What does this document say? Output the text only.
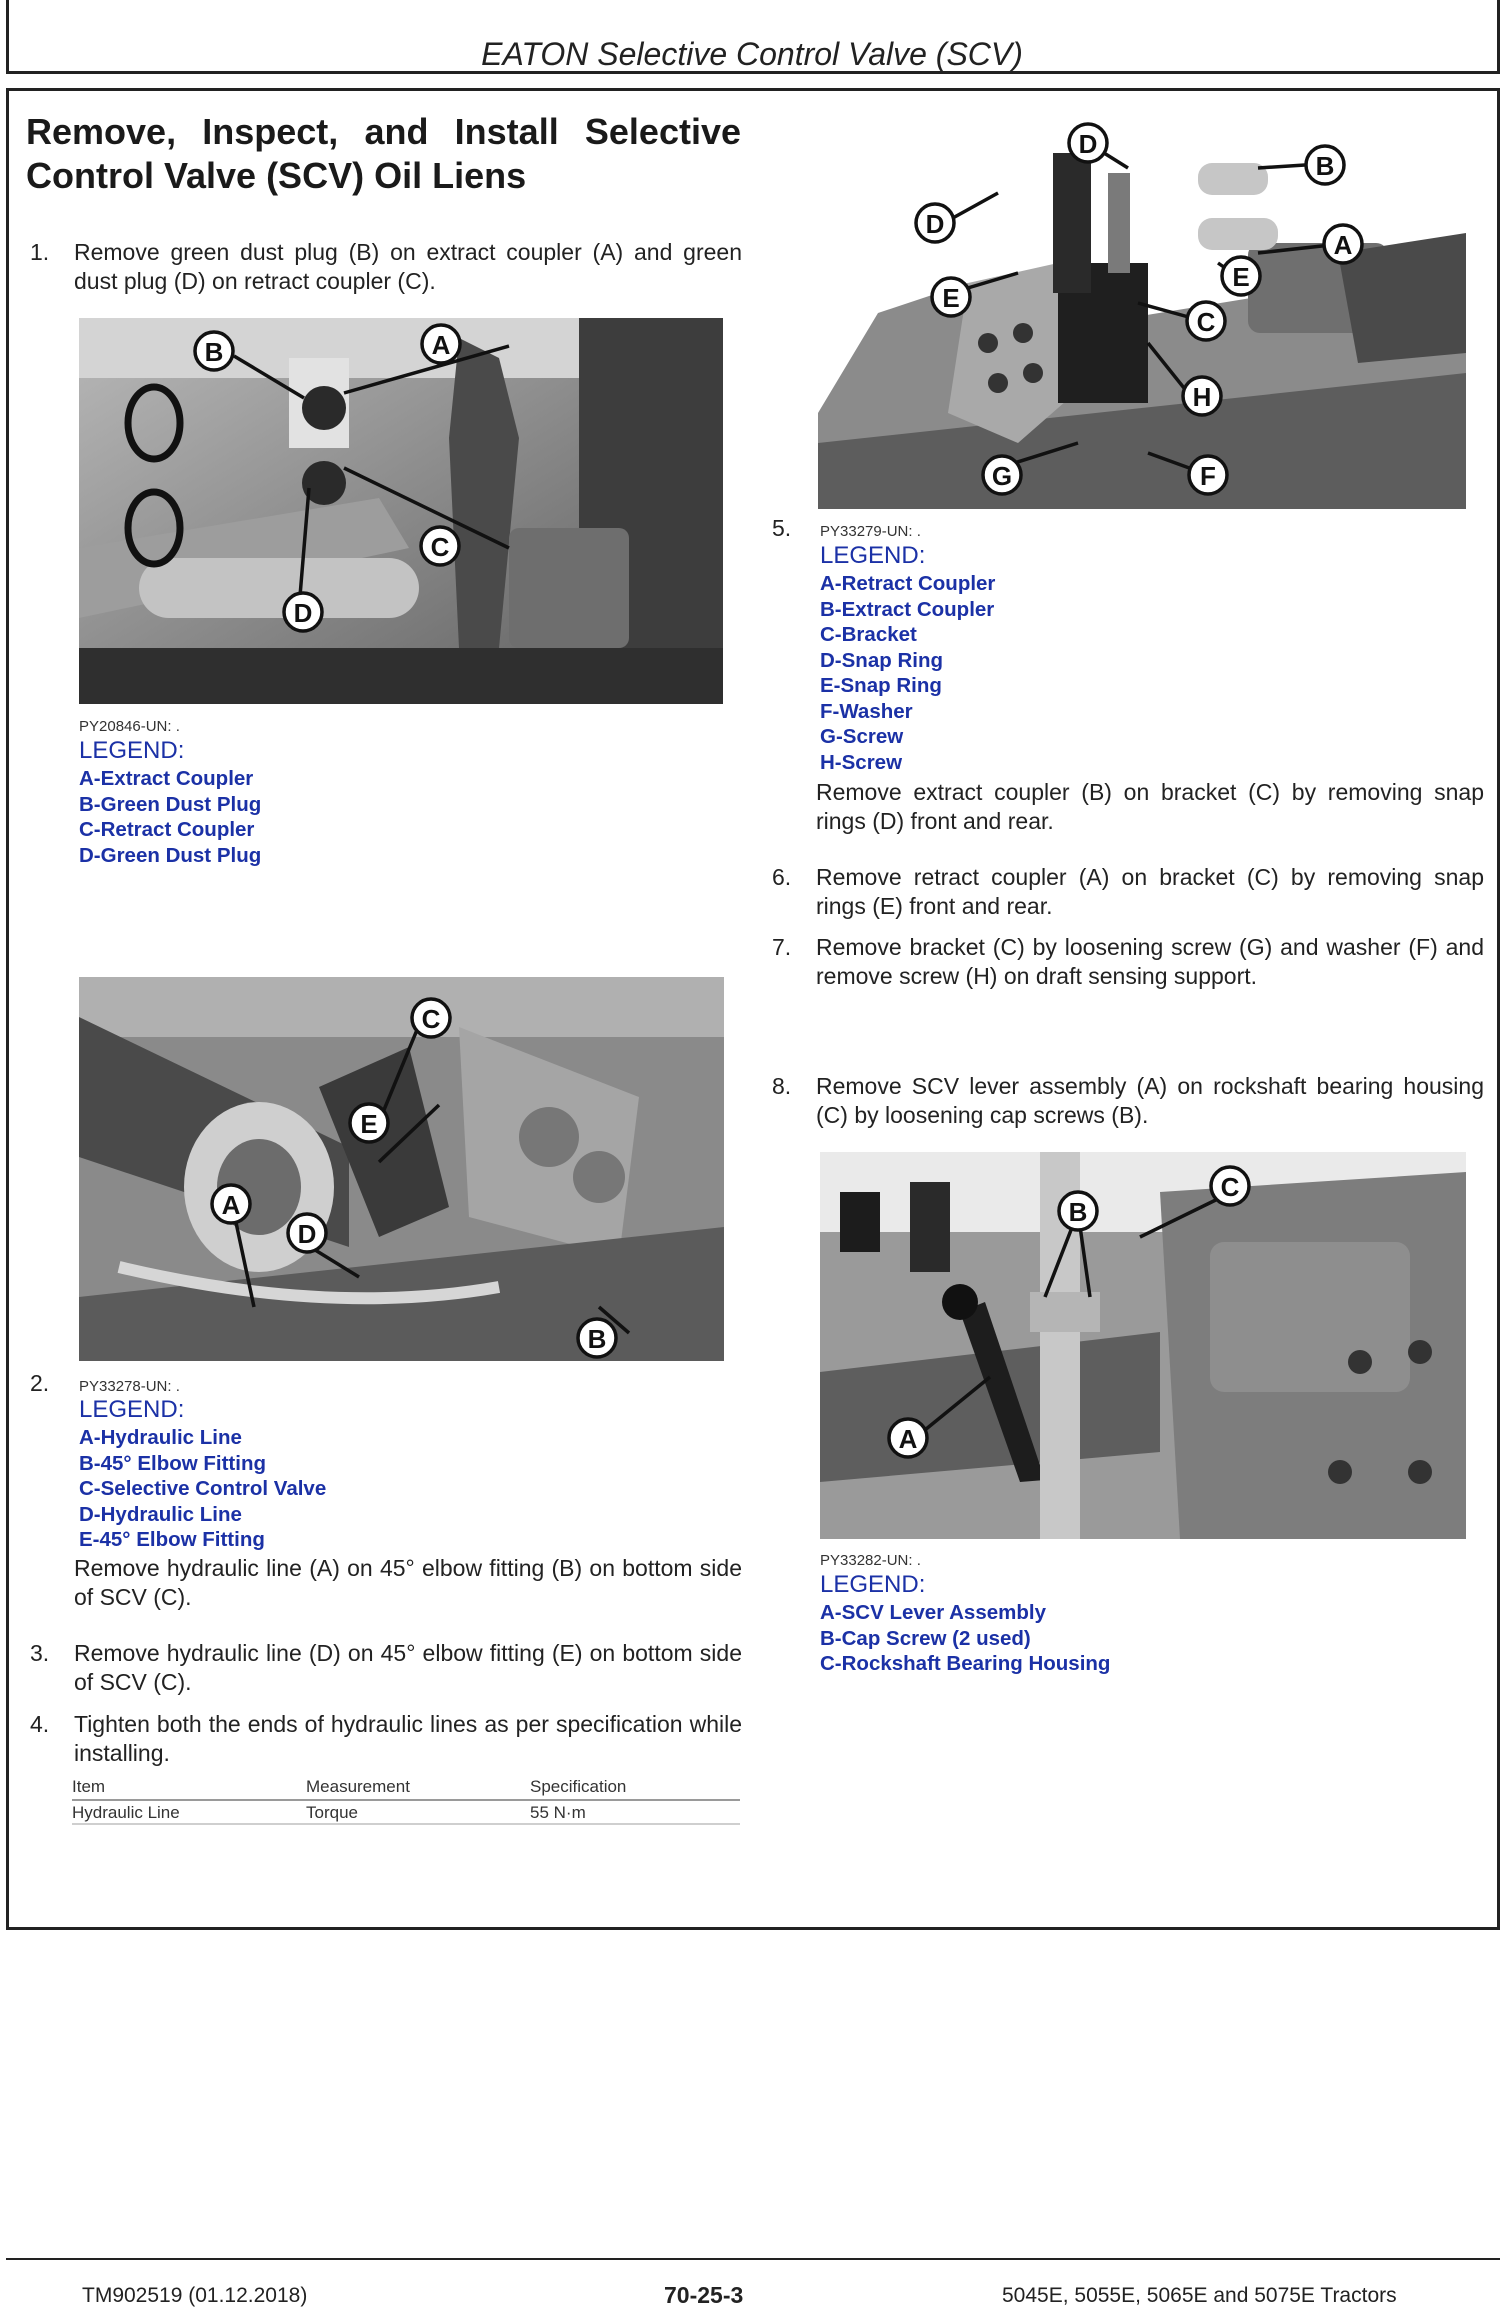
EATON Selective Control Valve (SCV)
Remove, Inspect, and Install Selective Control Valve (SCV) Oil Liens
1. Remove green dust plug (B) on extract coupler (A) and green dust plug (D) on retract coupler (C).
B	A
C
D
PY20846-UN: .
LEGEND:
A-Extract Coupler
B-Green Dust Plug
C-Retract Coupler
D-Green Dust Plug
C
E
A
D
B
2. PY33278-UN: .
LEGEND:
A-Hydraulic Line
B-45° Elbow Fitting
C-Selective Control Valve
D-Hydraulic Line
E-45° Elbow Fitting
Remove hydraulic line (A) on 45° elbow fitting (B) on bottom side of SCV (C).
3. Remove hydraulic line (D) on 45° elbow fitting (E) on bottom side of SCV (C).
4. Tighten both the ends of hydraulic lines as per specification while installing.
Item	Measurement	Specification
Hydraulic Line	Torque	55 N·m
D
B
D
A
E
E
C
H
G	F
5. PY33279-UN: .
LEGEND:
A-Retract Coupler
B-Extract Coupler
C-Bracket
D-Snap Ring
E-Snap Ring
F-Washer
G-Screw
H-Screw
Remove extract coupler (B) on bracket (C) by removing snap rings (D) front and rear.
6. Remove retract coupler (A) on bracket (C) by removing snap rings (E) front and rear.
7. Remove bracket (C) by loosening screw (G) and washer (F) and remove screw (H) on draft sensing support.
8. Remove SCV lever assembly (A) on rockshaft bearing housing (C) by loosening cap screws (B).
B
C
A
PY33282-UN: .
LEGEND:
A-SCV Lever Assembly
B-Cap Screw (2 used)
C-Rockshaft Bearing Housing
TM902519 (01.12.2018)	70-25-3	5045E, 5055E, 5065E and 5075E Tractors
